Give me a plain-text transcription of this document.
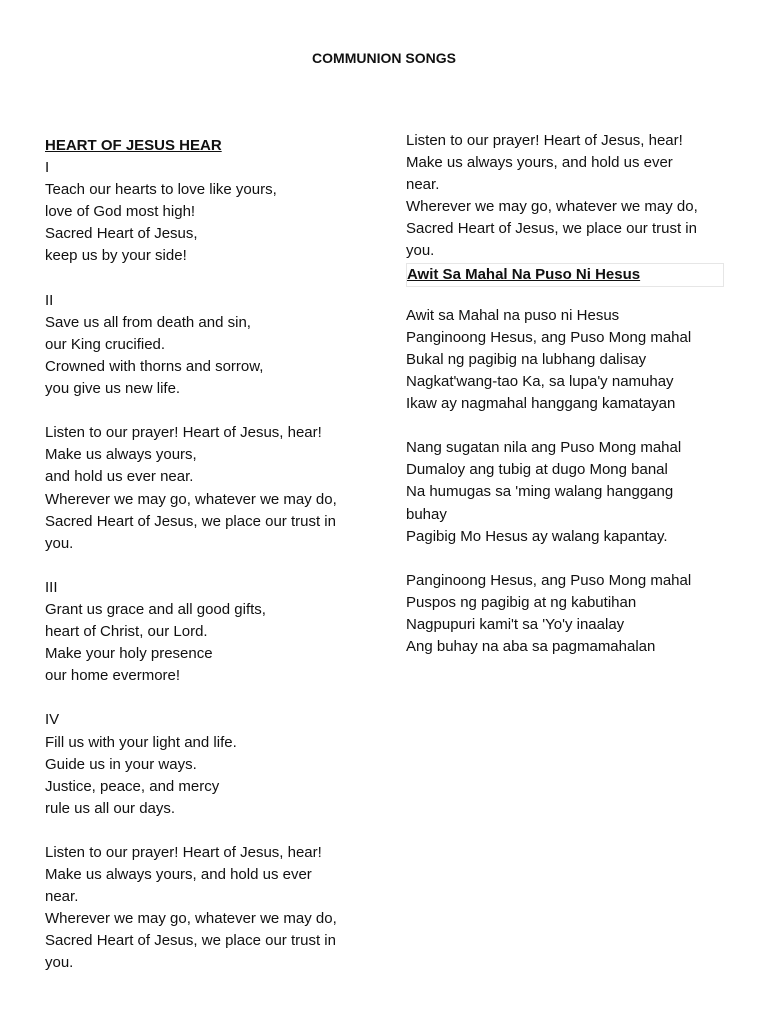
COMMUNION SONGS
HEART OF JESUS HEAR
I
Teach our hearts to love like yours,
love of God most high!
Sacred Heart of Jesus,
keep us by your side!
II
Save us all from death and sin,
our King crucified.
Crowned with thorns and sorrow,
you give us new life.
Listen to our prayer! Heart of Jesus, hear!
Make us always yours,
and hold us ever near.
Wherever we may go, whatever we may do,
Sacred Heart of Jesus, we place our trust in
you.
III
Grant us grace and all good gifts,
heart of Christ, our Lord.
Make your holy presence
our home evermore!
IV
Fill us with your light and life.
Guide us in your ways.
Justice, peace, and mercy
rule us all our days.
Listen to our prayer! Heart of Jesus, hear!
Make us always yours, and hold us ever
near.
Wherever we may go, whatever we may do,
Sacred Heart of Jesus, we place our trust in
you.
Listen to our prayer! Heart of Jesus, hear!
Make us always yours, and hold us ever
near.
Wherever we may go, whatever we may do,
Sacred Heart of Jesus, we place our trust in
you.
Awit Sa Mahal Na Puso Ni Hesus
Awit sa Mahal na puso ni Hesus
Panginoong Hesus, ang Puso Mong mahal
Bukal ng pagibig na lubhang dalisay
Nagkat'wang-tao Ka, sa lupa'y namuhay
Ikaw ay nagmahal hanggang kamatayan
Nang sugatan nila ang Puso Mong mahal
Dumaloy ang tubig at dugo Mong banal
Na humugas sa 'ming walang hanggang
buhay
Pagibig Mo Hesus ay walang kapantay.
Panginoong Hesus, ang Puso Mong mahal
Puspos ng pagibig at ng kabutihan
Nagpupuri kami't sa 'Yo'y inaalay
Ang buhay na aba sa pagmamahalan
